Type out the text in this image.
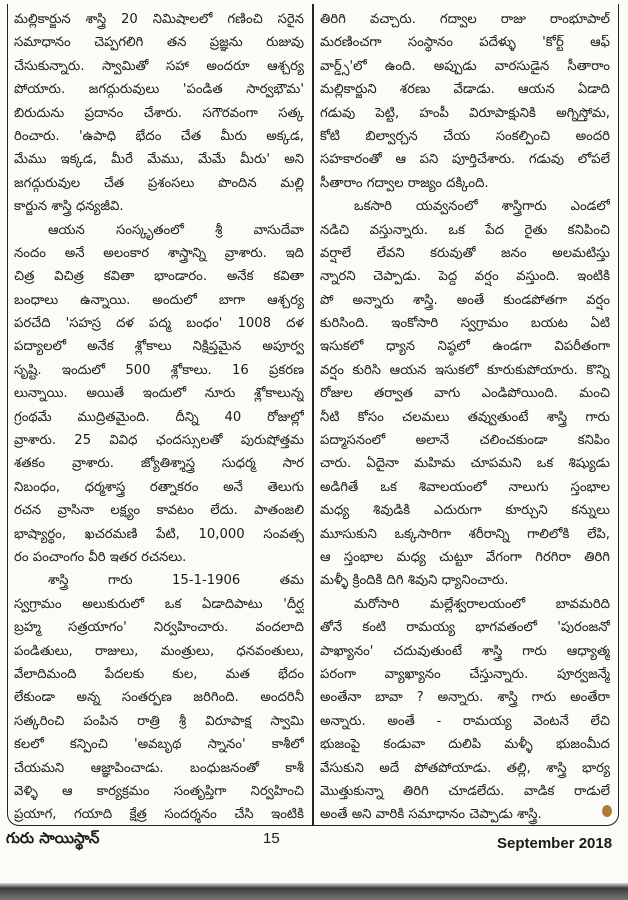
మల్లికార్జున శాస్త్రి 20 నిమిషాలలో గణించి సరైన
సమాధానం చెప్పగలిగి తన ప్రజ్ఞను రుజువు
చేసుకున్నారు. స్వామితో సహా అందరూ ఆశ్చర్య
పోయారు. జగద్గురువులు 'పండిత సార్వభౌమ'
బిరుదును ప్రదానం చేశారు. సగౌరవంగా సత్క
రించారు. 'ఉపాధి భేదం చేత మీరు అక్కడ,
మేము ఇక్కడ, మీరే మేము, మేమే మీరు' అని
జగద్గురువుల చేత ప్రశంసలు పొందిన మల్లి
కార్జున శాస్త్రి ధన్యజీవి.
ఆయన సంస్కృతంలో శ్రీ వాసుదేవా
నందం అనే అలంకార శాస్త్రాన్ని వ్రాశారు. ఇది
చిత్ర విచిత్ర కవితా భాండారం. అనేక కవితా
బంధాలు ఉన్నాయి. అందులో బాగా ఆశ్చర్య
పరచేది 'సహస్ర దళ పద్మ బంధం' 1008 దళ
పద్యాలలో అనేక శ్లోకాలు నిక్షిప్తమైన అపూర్వ
సృష్టి. ఇందులో 500 శ్లోకాలు. 16 ప్రకరణ
లున్నాయి. అయితే ఇందులో నూరు శ్లోకాలున్న
గ్రంథమే ముద్రితమైంది. దీన్ని 40 రోజుల్లో
వ్రాశారు. 25 వివిధ ఛందస్సులతో పురుషోత్తమ
శతకం వ్రాశారు. జ్యోతిశ్శాస్త్ర సుధర్మ సార
నిబంధం, ధర్మశాస్త్ర రత్నాకరం అనే తెలుగు
రచన వ్రాసినా లక్ష్యం కావటం లేదు. పాతంజలి
భాష్యార్థం, ఖచరమణి పేటి, 10,000 సంవత్స
రం పంచాంగం వీరి ఇతర రచనలు.
శాస్త్రి గారు 15-1-1906 తమ
స్వగ్రామం అలుకురులో ఒక ఏడాదిపాటు 'దీర్ఘ
బ్రహ్మ సత్రయాగం' నిర్వహించారు. వందలాది
పండితులు, రాజులు, మంత్రులు, ధనవంతులు,
వేలాదిమంది పేదలకు కుల, మత భేదం
లేకుండా అన్న సంతర్పణ జరిగింది. అందరినీ
సత్కరించి పంపిన రాత్రి శ్రీ విరూపాక్ష స్వామి
కలలో కన్పించి 'అవబృథ స్నానం' కాశీలో
చేయమని ఆజ్ఞాపించాడు. బంధుజనంతో కాశీ
వెళ్ళి ఆ కార్యక్రమం సంతృప్తిగా నిర్వహించి
ప్రయాగ, గయాది క్షేత్ర సందర్శనం చేసి ఇంటికి
తిరిగి వచ్చారు. గద్వాల రాజు రాంభూపాల్
మరణించగా సంస్థానం పదేళ్ళు 'కోర్ట్ ఆఫ్
వార్డ్స్'లో ఉంది. అప్పుడు వారసుడైన సీతారాం
మల్లికార్జుని శరణు వేడాడు. ఆయన ఏడాది
గడువు పెట్టి, హంపీ విరూపాక్షునికి అగ్నిస్తోమ,
కోటి బిల్వార్చన చేయ సంకల్పించి అందరి
సహకారంతో ఆ పని పూర్తిచేశారు. గడువు లోపలే
సీతారాం గద్వాల రాజ్యం దక్కింది.
ఒకసారి యవ్వనంలో శాస్త్రిగారు ఎండలో
నడిచి వస్తున్నారు. ఒక పేద రైతు కనిపించి
వర్షాలే లేవని కరువుతో జనం అలమటిస్తు
న్నారని చెప్పాడు. పెద్ద వర్షం వస్తుంది. ఇంటికి
పో అన్నారు శాస్త్రి. అంతే కుండపోతగా వర్షం
కురిసింది. ఇంకోసారి స్వగ్రామం బయట ఏటి
ఇసుకలో ధ్యాన నిష్ఠలో ఉండగా విపరీతంగా
వర్షం కురిసి ఆయన ఇసుకలో కూరుకుపోయారు. కొన్ని
రోజుల తర్వాత వాగు ఎండిపోయింది. మంచి
నీటి కోసం చలమలు తవ్వుతుంటే శాస్త్రి గారు
పద్మాసనంలో అలానే చలించకుండా కనిపిం
చారు. ఏదైనా మహిమ చూపమని ఒక శిష్యుడు
అడిగితే ఒక శివాలయంలో నాలుగు స్తంభాల
మధ్య శివుడికి ఎదురుగా కూర్చుని కన్నులు
మూసుకుని ఒక్కసారిగా శరీరాన్ని గాలిలోకి లేపి,
ఆ స్తంభాల మధ్య చుట్టూ వేగంగా గిరగిరా తిరిగి
మళ్ళీ క్రిందికి దిగి శివుని ధ్యానించారు.
మరోసారి మల్లేశ్వరాలయంలో బావమరిది
తోనే కంటి రామయ్య భాగవతంలో 'పురంజనో
పాఖ్యానం' చదువుతుంటే శాస్త్రి గారు ఆధ్యాత్మ
పరంగా వ్యాఖ్యానం చేస్తున్నారు. పూర్వజన్మే
అంతేనా బావా ? అన్నారు. శాస్త్రి గారు అంతేరా
అన్నారు. అంతే - రామయ్య వెంటనే లేచి
భుజంపై కండువా దులిపి మళ్ళీ భుజంమీద
వేసుకుని అదే పోతపోయాడు. తల్లి, శాస్త్రి భార్య
మొత్తుకున్నా తిరిగి చూడలేదు. వాడిక రాడులే
అంతే అని వారికి సమాధానం చెప్పాడు శాస్త్రి.
గురు సాయిస్థాన్	15	September 2018
